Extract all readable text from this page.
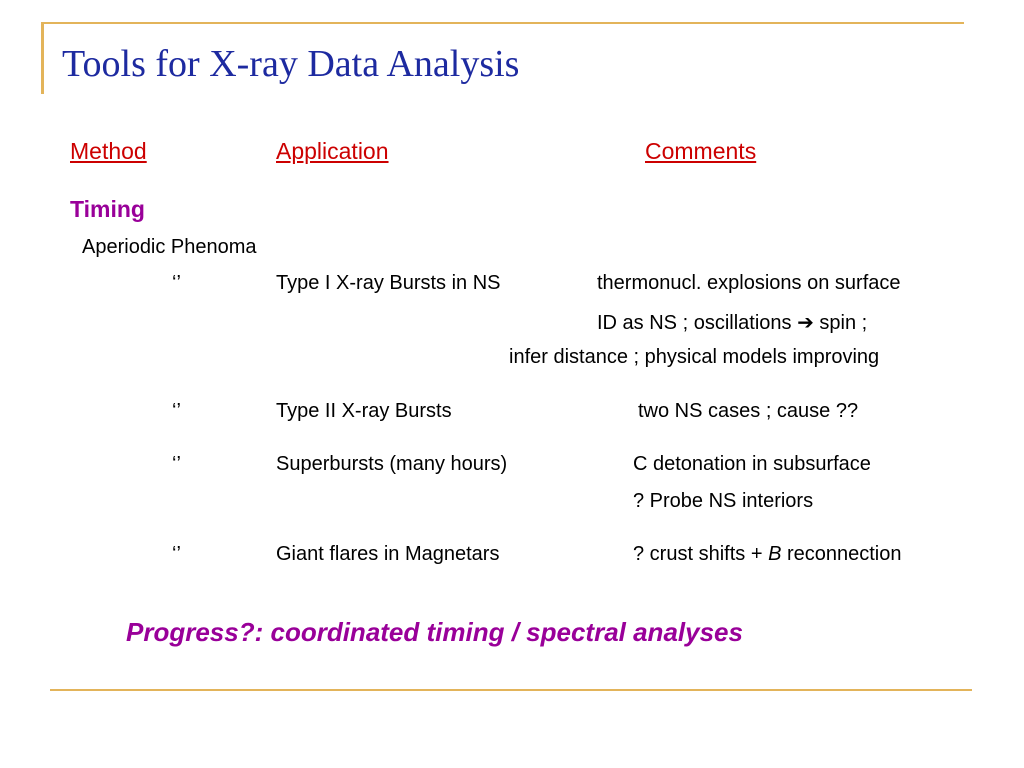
Tools for X-ray Data Analysis
Method	Application	Comments
Timing
Aperiodic Phenoma
‘’	Type I X-ray Bursts in NS	thermonucl. explosions on surface
ID as NS ; oscillations ➔ spin ;
infer distance ; physical models improving
‘’	Type II X-ray Bursts	two NS cases ; cause ??
‘’	Superbursts (many hours)	C detonation in subsurface
? Probe NS interiors
‘’	Giant flares in Magnetars	? crust shifts + B reconnection
Progress?: coordinated timing / spectral analyses
